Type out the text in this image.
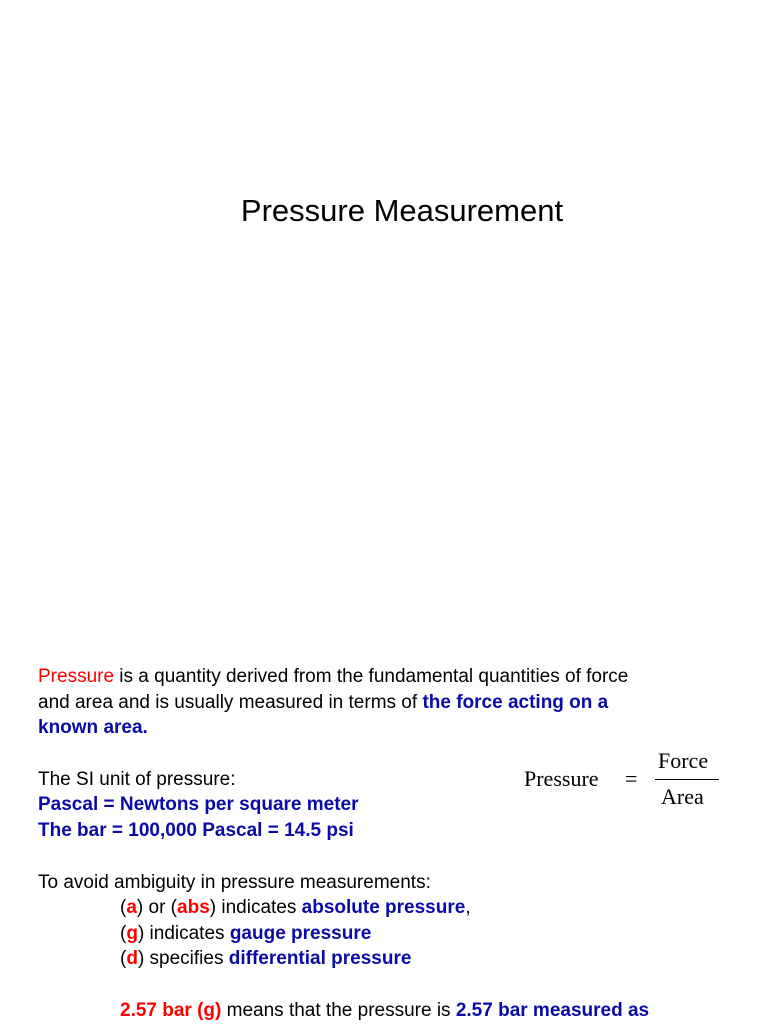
Pressure Measurement

Pressure is a quantity derived from the fundamental quantities of force

and area and is usually measured in terms of the force acting on a

known area.

The SI unit of pressure:

Pascal = Newtons per square meter

The bar = 100,000 Pascal = 14.5 psi

Pressure =
Force
Area

To avoid ambiguity in pressure measurements:

(a) or (abs) indicates absolute pressure,

(g) indicates gauge pressure

(d) specifies differential pressure

2.57 bar (g) means that the pressure is 2.57 bar measured as
